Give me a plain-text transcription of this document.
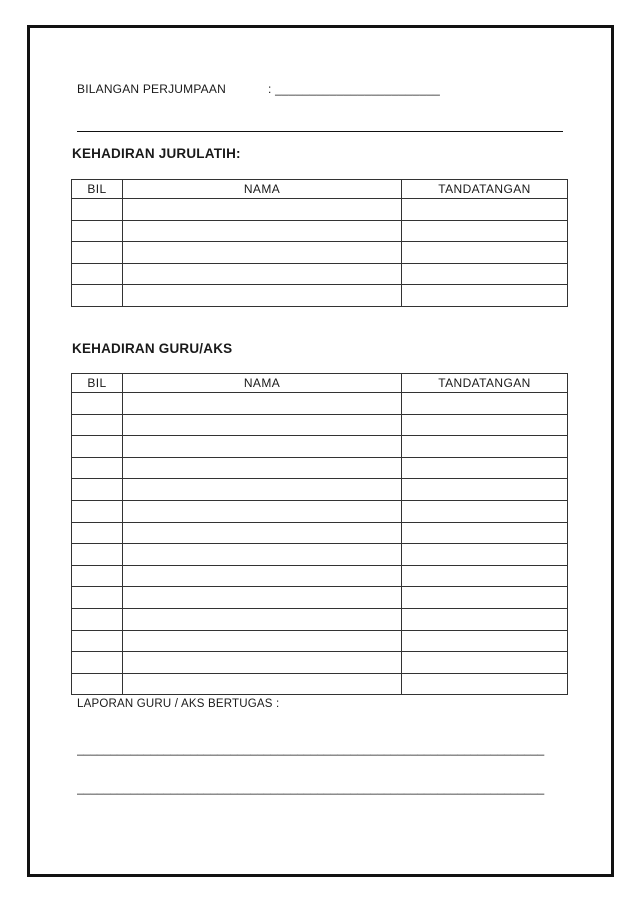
BILANGAN PERJUMPAAN	: ________________________
KEHADIRAN JURULATIH:
BIL	NAMA	TANDATANGAN

KEHADIRAN GURU/AKS
BIL	NAMA	TANDATANGAN

LAPORAN GURU / AKS BERTUGAS :
______________________________________________________________________
______________________________________________________________________
